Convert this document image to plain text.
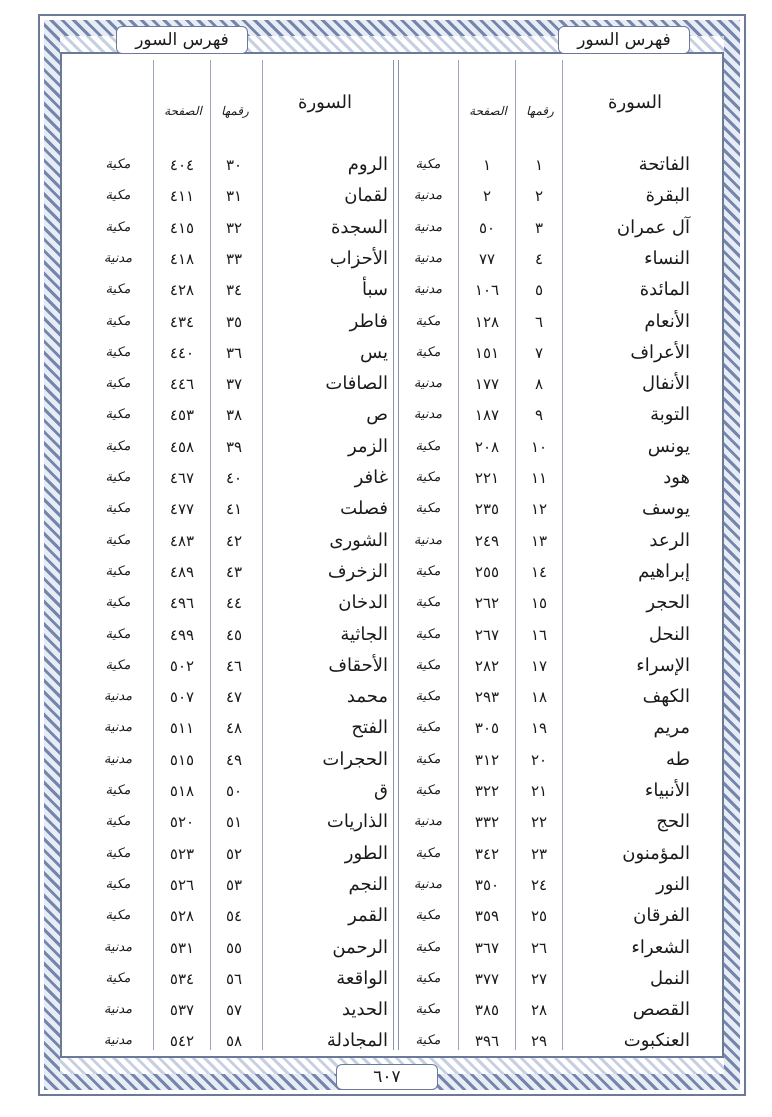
فهرس السور
فهرس السور
السورة
رقمها
الصفحة
السورة
رقمها
الصفحة
الفاتحة
١
١
مكية
البقرة
٢
٢
مدنية
آل عمران
٣
٥٠
مدنية
النساء
٤
٧٧
مدنية
المائدة
٥
١٠٦
مدنية
الأنعام
٦
١٢٨
مكية
الأعراف
٧
١٥١
مكية
الأنفال
٨
١٧٧
مدنية
التوبة
٩
١٨٧
مدنية
يونس
١٠
٢٠٨
مكية
هود
١١
٢٢١
مكية
يوسف
١٢
٢٣٥
مكية
الرعد
١٣
٢٤٩
مدنية
إبراهيم
١٤
٢٥٥
مكية
الحجر
١٥
٢٦٢
مكية
النحل
١٦
٢٦٧
مكية
الإسراء
١٧
٢٨٢
مكية
الكهف
١٨
٢٩٣
مكية
مريم
١٩
٣٠٥
مكية
طه
٢٠
٣١٢
مكية
الأنبياء
٢١
٣٢٢
مكية
الحج
٢٢
٣٣٢
مدنية
المؤمنون
٢٣
٣٤٢
مكية
النور
٢٤
٣٥٠
مدنية
الفرقان
٢٥
٣٥٩
مكية
الشعراء
٢٦
٣٦٧
مكية
النمل
٢٧
٣٧٧
مكية
القصص
٢٨
٣٨٥
مكية
العنكبوت
٢٩
٣٩٦
مكية
الروم
٣٠
٤٠٤
مكية
لقمان
٣١
٤١١
مكية
السجدة
٣٢
٤١٥
مكية
الأحزاب
٣٣
٤١٨
مدنية
سبأ
٣٤
٤٢٨
مكية
فاطر
٣٥
٤٣٤
مكية
يس
٣٦
٤٤٠
مكية
الصافات
٣٧
٤٤٦
مكية
ص
٣٨
٤٥٣
مكية
الزمر
٣٩
٤٥٨
مكية
غافر
٤٠
٤٦٧
مكية
فصلت
٤١
٤٧٧
مكية
الشورى
٤٢
٤٨٣
مكية
الزخرف
٤٣
٤٨٩
مكية
الدخان
٤٤
٤٩٦
مكية
الجاثية
٤٥
٤٩٩
مكية
الأحقاف
٤٦
٥٠٢
مكية
محمد
٤٧
٥٠٧
مدنية
الفتح
٤٨
٥١١
مدنية
الحجرات
٤٩
٥١٥
مدنية
ق
٥٠
٥١٨
مكية
الذاريات
٥١
٥٢٠
مكية
الطور
٥٢
٥٢٣
مكية
النجم
٥٣
٥٢٦
مكية
القمر
٥٤
٥٢٨
مكية
الرحمن
٥٥
٥٣١
مدنية
الواقعة
٥٦
٥٣٤
مكية
الحديد
٥٧
٥٣٧
مدنية
المجادلة
٥٨
٥٤٢
مدنية
٦٠٧
